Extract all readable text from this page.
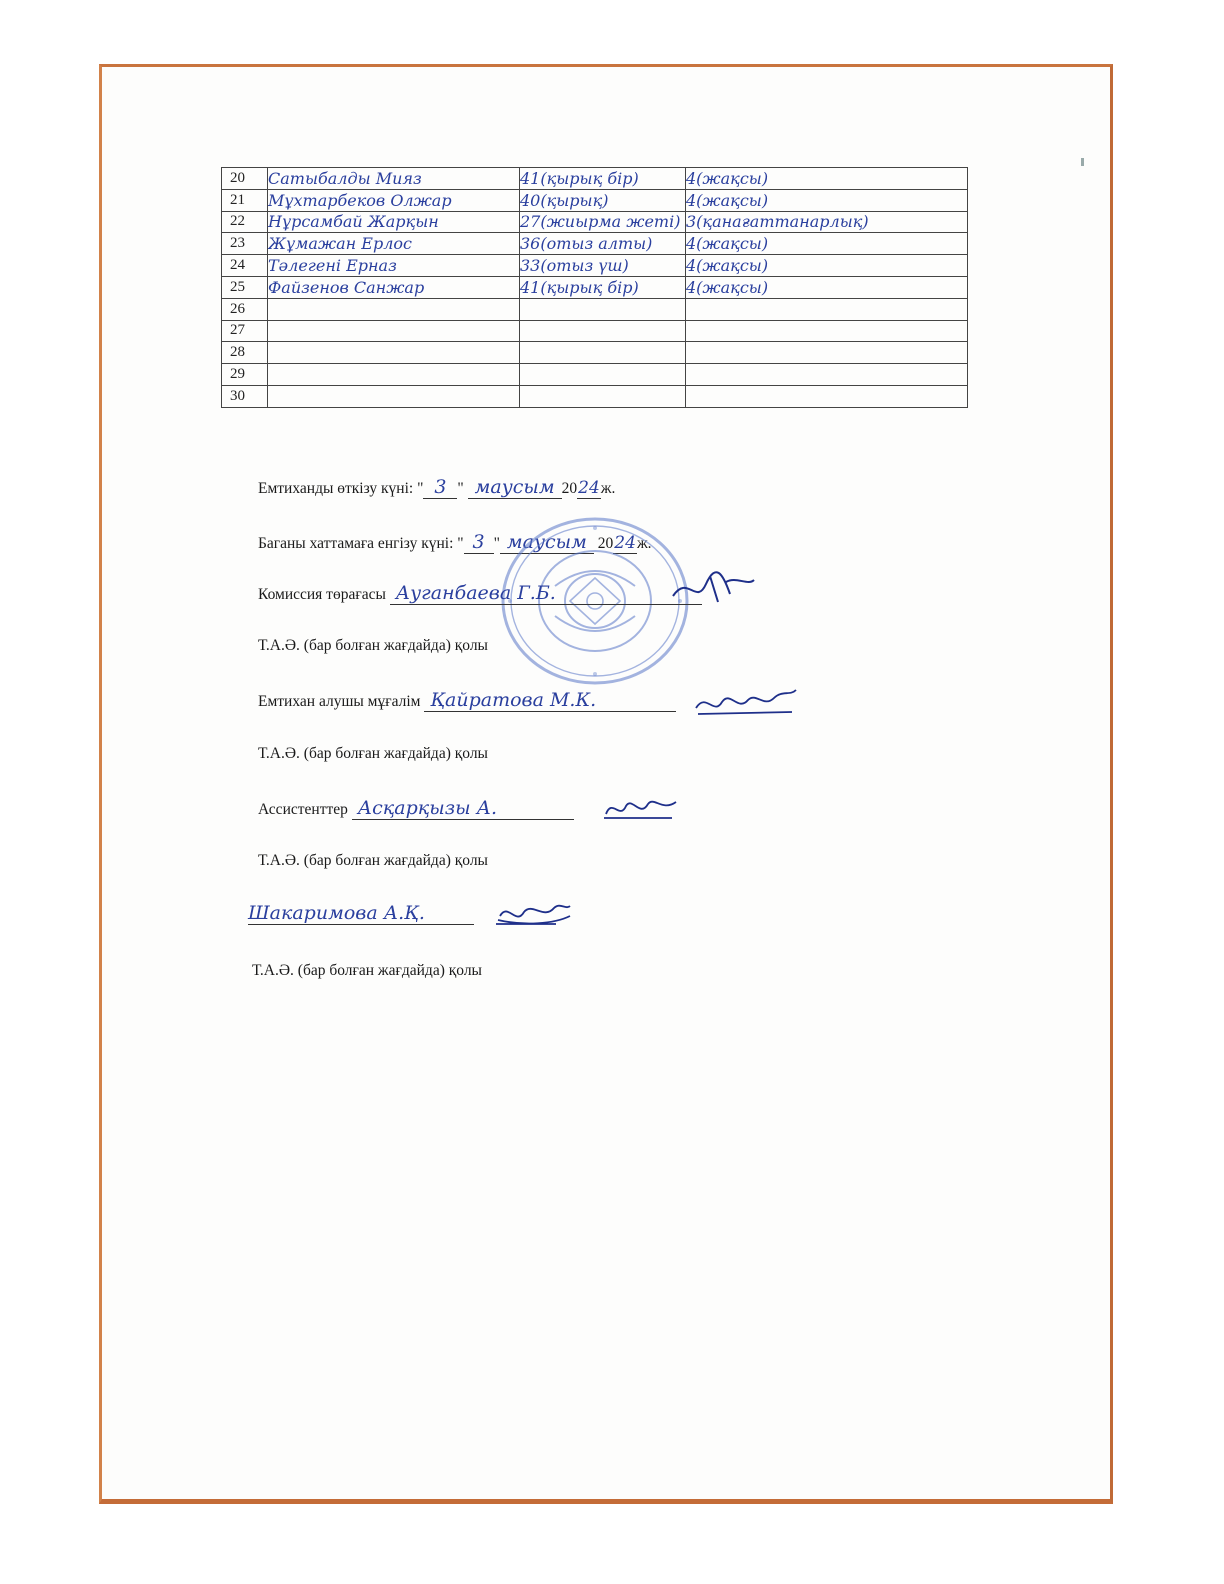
20	Сатыбалды Мияз	41(қырық бір)	4(жақсы)
21	Мұхтарбеков Олжар	40(қырық)	4(жақсы)
22	Нұрсамбай Жарқын	27(жиырма жеті)	3(қанағаттанарлық)
23	Жұмажан Ерлос	36(отыз алты)	4(жақсы)
24	Тәлегені Ерназ	33(отыз үш)	4(жақсы)
25	Файзенов Санжар	41(қырық бір)	4(жақсы)
26			
27			
28			
29			
30			
Емтиханды өткізу күні: " 3 " маусым 2024ж.
Баганы хаттамаға енгізу күні: " 3 " маусым 2024ж.
Комиссия төрағасы Ауганбаева Г.Б.
Т.А.Ә. (бар болған жағдайда) қолы
Емтихан алушы мұғалім Қайратова М.К.
Т.А.Ә. (бар болған жағдайда) қолы
Ассистенттер Асқарқызы А.
Т.А.Ә. (бар болған жағдайда) қолы
Шакаримова А.Қ.
Т.А.Ә. (бар болған жағдайда) қолы
